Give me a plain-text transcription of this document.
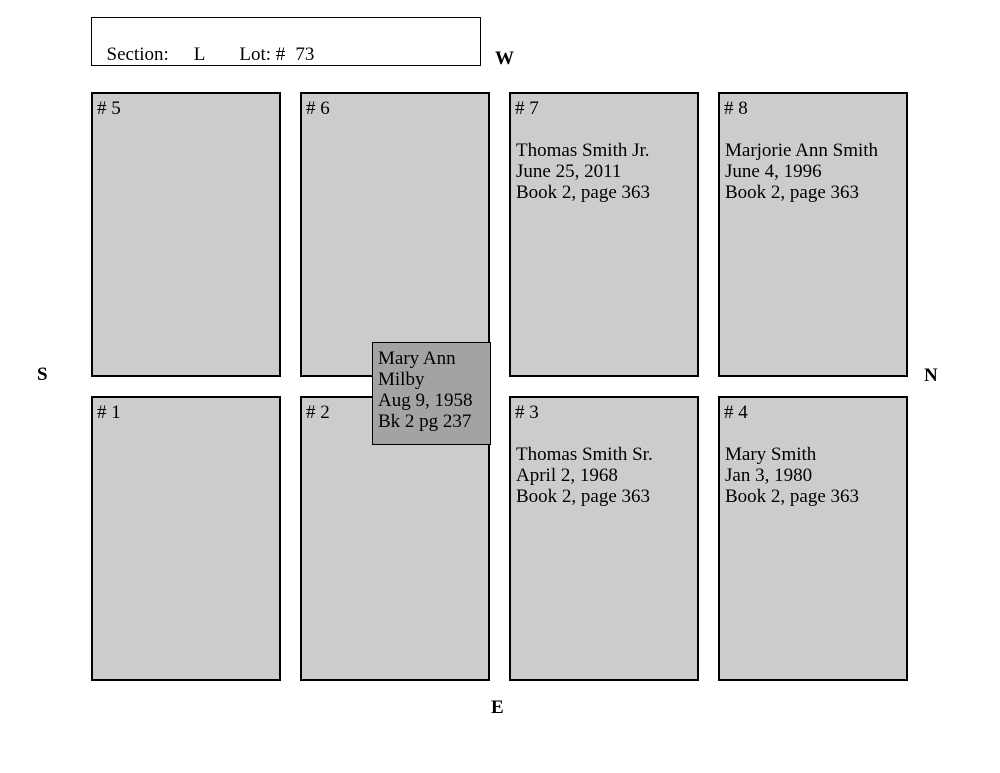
Section: L Lot: # 73	W
E
S	N
# 5	# 6	# 7
Thomas Smith Jr.
June 25, 2011
Book 2, page 363
# 8
Marjorie Ann Smith
June 4, 1996
Book 2, page 363
# 1	# 2	# 3
Thomas Smith Sr.
April 2, 1968
Book 2, page 363
# 4
Mary Smith
Jan 3, 1980
Book 2, page 363
Mary Ann
Milby
Aug 9, 1958
Bk 2 pg 237
